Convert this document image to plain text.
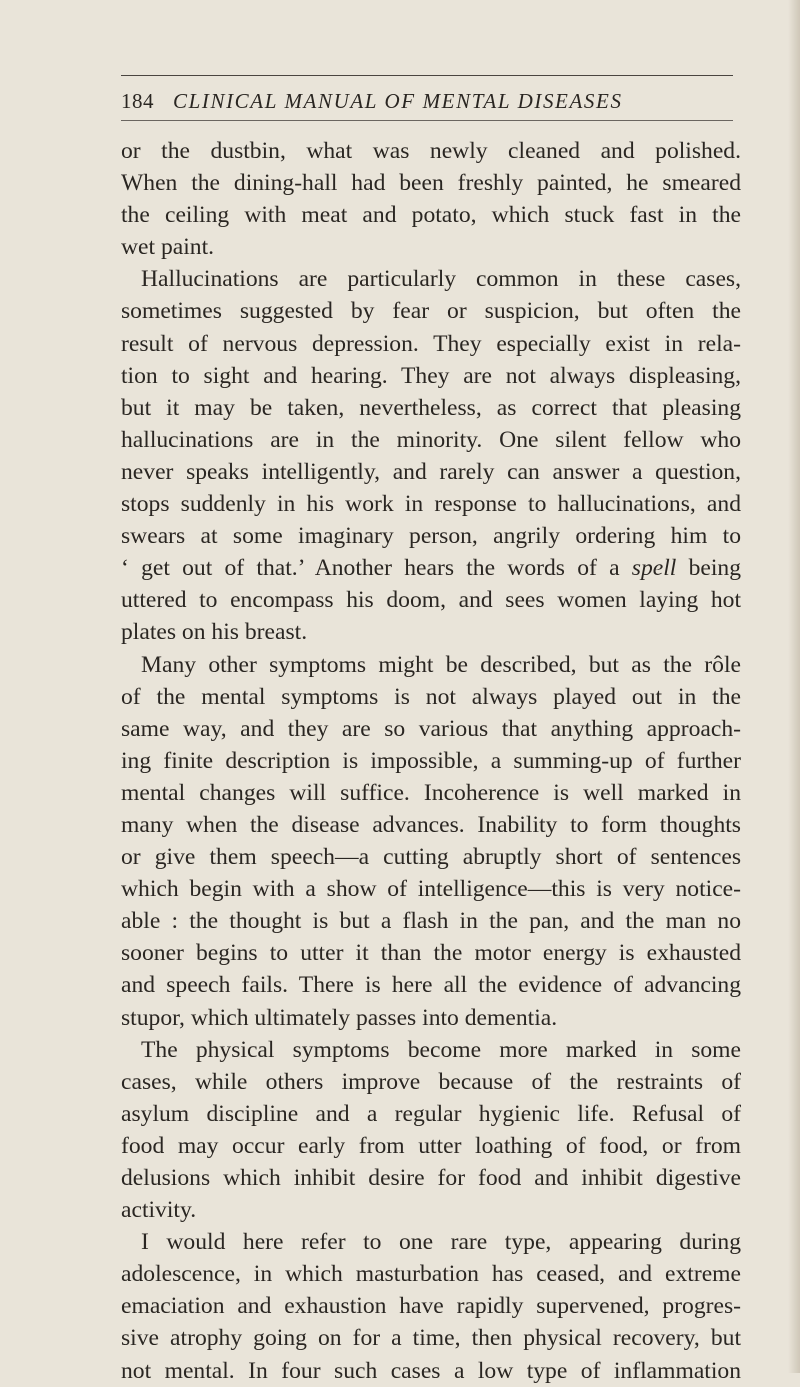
184 CLINICAL MANUAL OF MENTAL DISEASES

or the dustbin, what was newly cleaned and polished.
When the dining-hall had been freshly painted, he smeared
the ceiling with meat and potato, which stuck fast in the
wet paint.

Hallucinations are particularly common in these cases,
sometimes suggested by fear or suspicion, but often the
result of nervous depression. They especially exist in rela-
tion to sight and hearing. They are not always displeasing,
but it may be taken, nevertheless, as correct that pleasing
hallucinations are in the minority. One silent fellow who
never speaks intelligently, and rarely can answer a question,
stops suddenly in his work in response to hallucinations, and
swears at some imaginary person, angrily ordering him to
‘ get out of that.’ Another hears the words of a spell being
uttered to encompass his doom, and sees women laying hot
plates on his breast.

Many other symptoms might be described, but as the rôle
of the mental symptoms is not always played out in the
same way, and they are so various that anything approach-
ing finite description is impossible, a summing-up of further
mental changes will suffice. Incoherence is well marked in
many when the disease advances. Inability to form thoughts
or give them speech—a cutting abruptly short of sentences
which begin with a show of intelligence—this is very notice-
able : the thought is but a flash in the pan, and the man no
sooner begins to utter it than the motor energy is exhausted
and speech fails. There is here all the evidence of advancing
stupor, which ultimately passes into dementia.

The physical symptoms become more marked in some
cases, while others improve because of the restraints of
asylum discipline and a regular hygienic life. Refusal of
food may occur early from utter loathing of food, or from
delusions which inhibit desire for food and inhibit digestive
activity.

I would here refer to one rare type, appearing during
adolescence, in which masturbation has ceased, and extreme
emaciation and exhaustion have rapidly supervened, progres-
sive atrophy going on for a time, then physical recovery, but
not mental. In four such cases a low type of inflammation
